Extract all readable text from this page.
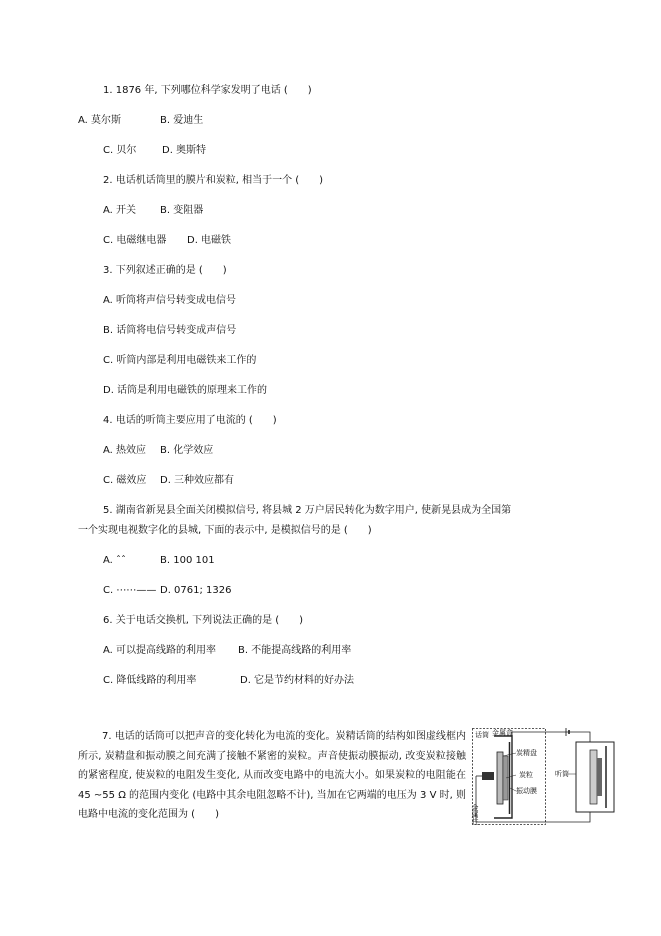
1. 1876 年, 下列哪位科学家发明了电话 (　　)
A. 莫尔斯	B. 爱迪生
C. 贝尔	D. 奥斯特
2. 电话机话筒里的膜片和炭粒, 相当于一个 (　　)
A. 开关 B. 变阻器
C. 电磁继电器 D. 电磁铁
3. 下列叙述正确的是 (　　)
A. 听筒将声信号转变成电信号
B. 话筒将电信号转变成声信号
C. 听筒内部是利用电磁铁来工作的
D. 话筒是利用电磁铁的原理来工作的
4. 电话的听筒主要应用了电流的 (　　)
A. 热效应 B. 化学效应
C. 磁效应 D. 三种效应都有
5. 湖南省新晃县全面关闭模拟信号, 将县城 2 万户居民转化为数字用户, 使新晃县成为全国第
一个实现电视数字化的县城, 下面的表示中, 是模拟信号的是 (　　)
A. ˆˆ	B. 100 101
C. ⋯⋯—— D. 0761; 1326
6. 关于电话交换机, 下列说法正确的是 (　　)
A. 可以提高线路的利用率 B. 不能提高线路的利用率
C. 降低线路的利用率	D. 它是节约材料的好办法
7. 电话的话筒可以把声音的变化转化为电流的变化。炭精话筒的结构如图虚线框内所示, 炭精盘和振动膜之间充满了接触不紧密的炭粒。声音使振动膜振动, 改变炭粒接触的紧密程度, 使炭粒的电阻发生变化, 从而改变电路中的电流大小。如果炭粒的电阻能在 45 ~55 Ω 的范围内变化 (电路中其余电阻忽略不计), 当加在它两端的电压为 3 V 时, 则电路中电流的变化范围为 (　　)
话筒 金属盒
炭精盘
炭粒
振动膜
金属柱
听筒
